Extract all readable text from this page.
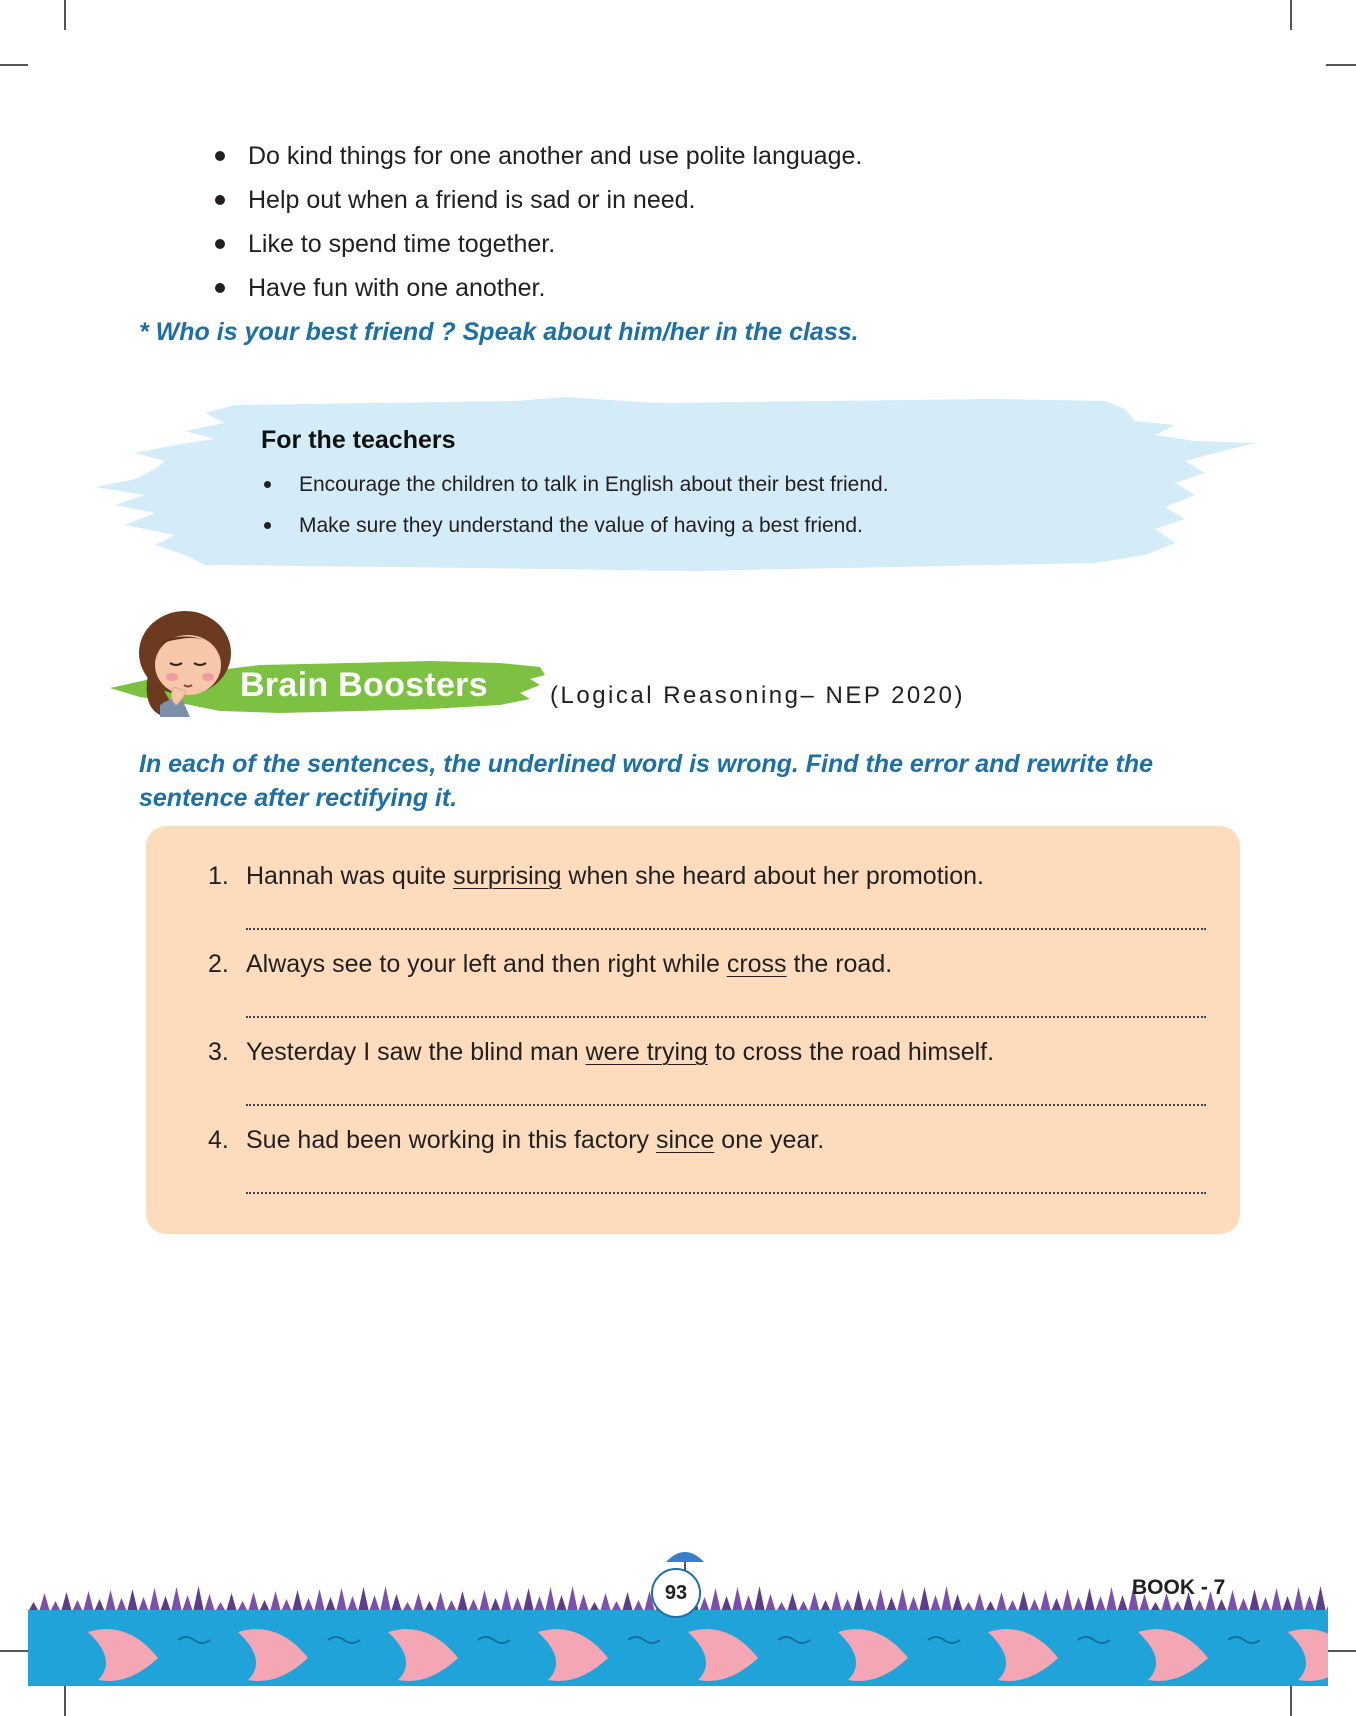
Do kind things for one another and use polite language.
Help out when a friend is sad or in need.
Like to spend time together.
Have fun with one another.
* Who is your best friend ? Speak about him/her in the class.
For the teachers
Encourage the children to talk in English about their best friend.
Make sure they understand the value of having a best friend.
Brain Boosters	(Logical Reasoning– NEP 2020)
In each of the sentences, the underlined word is wrong. Find the error and rewrite the sentence after rectifying it.
1. Hannah was quite surprising when she heard about her promotion.
2. Always see to your left and then right while cross the road.
3. Yesterday I saw the blind man were trying to cross the road himself.
4. Sue had been working in this factory since one year.
93	BOOK - 7
